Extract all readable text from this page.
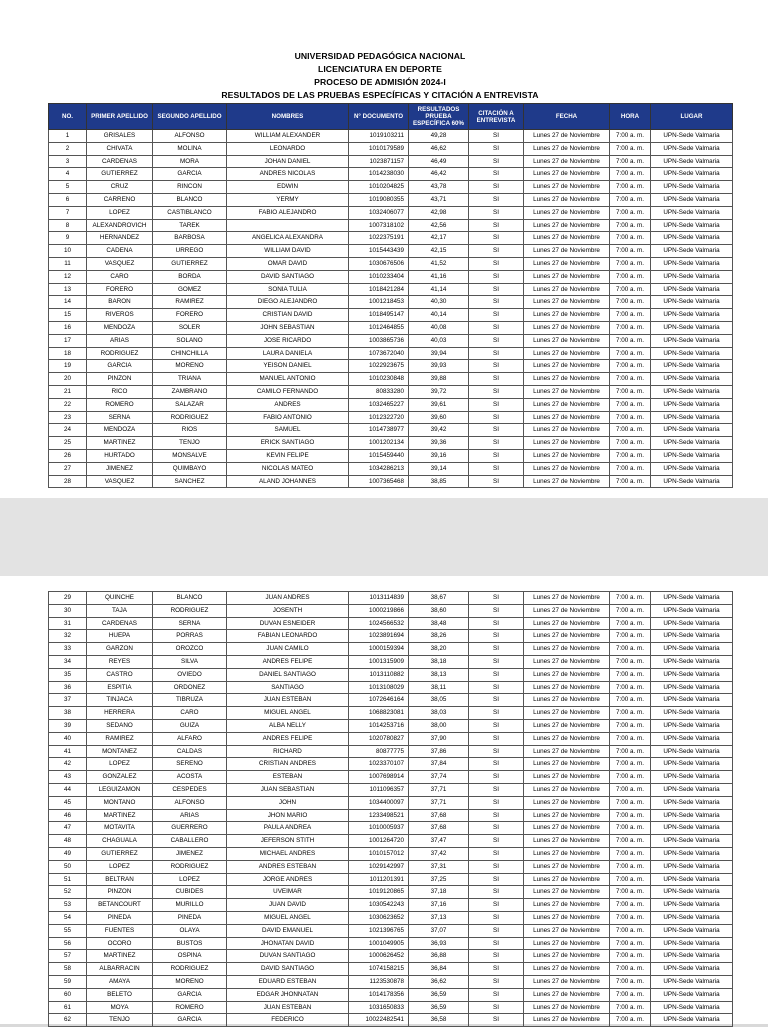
UNIVERSIDAD PEDAGÓGICA NACIONAL
LICENCIATURA EN DEPORTE
PROCESO DE ADMISIÓN 2024-I
RESULTADOS DE LAS PRUEBAS ESPECÍFICAS Y CITACIÓN A ENTREVISTA
NO.	PRIMER APELLIDO	SEGUNDO APELLIDO	NOMBRES	N° DOCUMENTO	RESULTADOS PRUEBA ESPECÍFICA 60%	CITACIÓN A ENTREVISTA	FECHA	HORA	LUGAR
1	GRISALES	ALFONSO	WILLIAM ALEXANDER	1019103211	49,28	SI	Lunes 27 de Noviembre	7:00 a. m.	UPN-Sede Valmaria
2	CHIVATA	MOLINA	LEONARDO	1010179589	46,62	SI	Lunes 27 de Noviembre	7:00 a. m.	UPN-Sede Valmaria
3	CARDENAS	MORA	JOHAN DANIEL	1023871157	46,49	SI	Lunes 27 de Noviembre	7:00 a. m.	UPN-Sede Valmaria
4	GUTIERREZ	GARCIA	ANDRES NICOLAS	1014238030	46,42	SI	Lunes 27 de Noviembre	7:00 a. m.	UPN-Sede Valmaria
5	CRUZ	RINCON	EDWIN	1010204825	43,78	SI	Lunes 27 de Noviembre	7:00 a. m.	UPN-Sede Valmaria
6	CARRENO	BLANCO	YERMY	1019080355	43,71	SI	Lunes 27 de Noviembre	7:00 a. m.	UPN-Sede Valmaria
7	LOPEZ	CASTIBLANCO	FABIO ALEJANDRO	1032406077	42,98	SI	Lunes 27 de Noviembre	7:00 a. m.	UPN-Sede Valmaria
8	ALEXANDROVICH	TAREK		1007318102	42,56	SI	Lunes 27 de Noviembre	7:00 a. m.	UPN-Sede Valmaria
9	HERNANDEZ	BARBOSA	ANGELICA ALEXANDRA	1022375191	42,17	SI	Lunes 27 de Noviembre	7:00 a. m.	UPN-Sede Valmaria
10	CADENA	URREGO	WILLIAM DAVID	1015443439	42,15	SI	Lunes 27 de Noviembre	7:00 a. m.	UPN-Sede Valmaria
11	VASQUEZ	GUTIERREZ	OMAR DAVID	1030676506	41,52	SI	Lunes 27 de Noviembre	7:00 a. m.	UPN-Sede Valmaria
12	CARO	BORDA	DAVID SANTIAGO	1010233404	41,16	SI	Lunes 27 de Noviembre	7:00 a. m.	UPN-Sede Valmaria
13	FORERO	GOMEZ	SONIA TULIA	1018421284	41,14	SI	Lunes 27 de Noviembre	7:00 a. m.	UPN-Sede Valmaria
14	BARON	RAMIREZ	DIEGO ALEJANDRO	1001218453	40,30	SI	Lunes 27 de Noviembre	7:00 a. m.	UPN-Sede Valmaria
15	RIVEROS	FORERO	CRISTIAN DAVID	1018495147	40,14	SI	Lunes 27 de Noviembre	7:00 a. m.	UPN-Sede Valmaria
16	MENDOZA	SOLER	JOHN SEBASTIAN	1012464855	40,08	SI	Lunes 27 de Noviembre	7:00 a. m.	UPN-Sede Valmaria
17	ARIAS	SOLANO	JOSE RICARDO	1003865736	40,03	SI	Lunes 27 de Noviembre	7:00 a. m.	UPN-Sede Valmaria
18	RODRIGUEZ	CHINCHILLA	LAURA DANIELA	1073672040	39,94	SI	Lunes 27 de Noviembre	7:00 a. m.	UPN-Sede Valmaria
19	GARCIA	MORENO	YEISON DANIEL	1022923675	39,93	SI	Lunes 27 de Noviembre	7:00 a. m.	UPN-Sede Valmaria
20	PINZON	TRIANA	MANUEL ANTONIO	1010230848	39,88	SI	Lunes 27 de Noviembre	7:00 a. m.	UPN-Sede Valmaria
21	RICO	ZAMBRANO	CAMILO FERNANDO	80833280	39,72	SI	Lunes 27 de Noviembre	7:00 a. m.	UPN-Sede Valmaria
22	ROMERO	SALAZAR	ANDRES	1032465227	39,61	SI	Lunes 27 de Noviembre	7:00 a. m.	UPN-Sede Valmaria
23	SERNA	RODRIGUEZ	FABIO ANTONIO	1012322720	39,60	SI	Lunes 27 de Noviembre	7:00 a. m.	UPN-Sede Valmaria
24	MENDOZA	RIOS	SAMUEL	1014738977	39,42	SI	Lunes 27 de Noviembre	7:00 a. m.	UPN-Sede Valmaria
25	MARTINEZ	TENJO	ERICK SANTIAGO	1001202134	39,36	SI	Lunes 27 de Noviembre	7:00 a. m.	UPN-Sede Valmaria
26	HURTADO	MONSALVE	KEVIN FELIPE	1015459440	39,16	SI	Lunes 27 de Noviembre	7:00 a. m.	UPN-Sede Valmaria
27	JIMENEZ	QUIMBAYO	NICOLAS MATEO	1034286213	39,14	SI	Lunes 27 de Noviembre	7:00 a. m.	UPN-Sede Valmaria
28	VASQUEZ	SANCHEZ	ALAND JOHANNES	1007365468	38,85	SI	Lunes 27 de Noviembre	7:00 a. m.	UPN-Sede Valmaria
29	QUINCHE	BLANCO	JUAN ANDRES	1013114839	38,67	SI	Lunes 27 de Noviembre	7:00 a. m.	UPN-Sede Valmaria
30	TAJA	RODRIGUEZ	JOSENTH	1000219866	38,60	SI	Lunes 27 de Noviembre	7:00 a. m.	UPN-Sede Valmaria
31	CARDENAS	SERNA	DUVAN ESNEIDER	1024566532	38,48	SI	Lunes 27 de Noviembre	7:00 a. m.	UPN-Sede Valmaria
32	HUEPA	PORRAS	FABIAN LEONARDO	1023891694	38,26	SI	Lunes 27 de Noviembre	7:00 a. m.	UPN-Sede Valmaria
33	GARZON	OROZCO	JUAN CAMILO	1000159394	38,20	SI	Lunes 27 de Noviembre	7:00 a. m.	UPN-Sede Valmaria
34	REYES	SILVA	ANDRES FELIPE	1001315909	38,18	SI	Lunes 27 de Noviembre	7:00 a. m.	UPN-Sede Valmaria
35	CASTRO	OVIEDO	DANIEL SANTIAGO	1013110882	38,13	SI	Lunes 27 de Noviembre	7:00 a. m.	UPN-Sede Valmaria
36	ESPITIA	ORDONEZ	SANTIAGO	1013108029	38,11	SI	Lunes 27 de Noviembre	7:00 a. m.	UPN-Sede Valmaria
37	TINJACA	TIBRUZA	JUAN ESTEBAN	1072646164	38,05	SI	Lunes 27 de Noviembre	7:00 a. m.	UPN-Sede Valmaria
38	HERRERA	CARO	MIGUEL ANGEL	1068823081	38,03	SI	Lunes 27 de Noviembre	7:00 a. m.	UPN-Sede Valmaria
39	SEDANO	GUIZA	ALBA NELLY	1014253716	38,00	SI	Lunes 27 de Noviembre	7:00 a. m.	UPN-Sede Valmaria
40	RAMIREZ	ALFARO	ANDRES FELIPE	1020780827	37,90	SI	Lunes 27 de Noviembre	7:00 a. m.	UPN-Sede Valmaria
41	MONTANEZ	CALDAS	RICHARD	80877775	37,86	SI	Lunes 27 de Noviembre	7:00 a. m.	UPN-Sede Valmaria
42	LOPEZ	SERENO	CRISTIAN ANDRES	1023370107	37,84	SI	Lunes 27 de Noviembre	7:00 a. m.	UPN-Sede Valmaria
43	GONZALEZ	ACOSTA	ESTEBAN	1007698914	37,74	SI	Lunes 27 de Noviembre	7:00 a. m.	UPN-Sede Valmaria
44	LEGUIZAMON	CESPEDES	JUAN SEBASTIAN	1011096357	37,71	SI	Lunes 27 de Noviembre	7:00 a. m.	UPN-Sede Valmaria
45	MONTANO	ALFONSO	JOHN	1034400097	37,71	SI	Lunes 27 de Noviembre	7:00 a. m.	UPN-Sede Valmaria
46	MARTINEZ	ARIAS	JHON MARIO	1233498521	37,68	SI	Lunes 27 de Noviembre	7:00 a. m.	UPN-Sede Valmaria
47	MOTAVITA	GUERRERO	PAULA ANDREA	1010005937	37,68	SI	Lunes 27 de Noviembre	7:00 a. m.	UPN-Sede Valmaria
48	CHAGUALA	CABALLERO	JEFERSON STITH	1001264720	37,47	SI	Lunes 27 de Noviembre	7:00 a. m.	UPN-Sede Valmaria
49	GUTIERREZ	JIMENEZ	MICHAEL ANDRES	1010157012	37,42	SI	Lunes 27 de Noviembre	7:00 a. m.	UPN-Sede Valmaria
50	LOPEZ	RODRIGUEZ	ANDRES ESTEBAN	1029142997	37,31	SI	Lunes 27 de Noviembre	7:00 a. m.	UPN-Sede Valmaria
51	BELTRAN	LOPEZ	JORGE ANDRES	1011201391	37,25	SI	Lunes 27 de Noviembre	7:00 a. m.	UPN-Sede Valmaria
52	PINZON	CUBIDES	UVEIMAR	1019120865	37,18	SI	Lunes 27 de Noviembre	7:00 a. m.	UPN-Sede Valmaria
53	BETANCOURT	MURILLO	JUAN DAVID	1030542243	37,16	SI	Lunes 27 de Noviembre	7:00 a. m.	UPN-Sede Valmaria
54	PINEDA	PINEDA	MIGUEL ANGEL	1030623652	37,13	SI	Lunes 27 de Noviembre	7:00 a. m.	UPN-Sede Valmaria
55	FUENTES	OLAYA	DAVID EMANUEL	1021396765	37,07	SI	Lunes 27 de Noviembre	7:00 a. m.	UPN-Sede Valmaria
56	OCORO	BUSTOS	JHONATAN DAVID	1001049905	36,93	SI	Lunes 27 de Noviembre	7:00 a. m.	UPN-Sede Valmaria
57	MARTINEZ	OSPINA	DUVAN SANTIAGO	1000626452	36,88	SI	Lunes 27 de Noviembre	7:00 a. m.	UPN-Sede Valmaria
58	ALBARRACIN	RODRIGUEZ	DAVID SANTIAGO	1074158215	36,84	SI	Lunes 27 de Noviembre	7:00 a. m.	UPN-Sede Valmaria
59	AMAYA	MORENO	EDUARD ESTEBAN	1123530878	36,62	SI	Lunes 27 de Noviembre	7:00 a. m.	UPN-Sede Valmaria
60	BELETO	GARCIA	EDGAR JHONNATAN	1014178356	36,59	SI	Lunes 27 de Noviembre	7:00 a. m.	UPN-Sede Valmaria
61	MOYA	ROMERO	JUAN ESTEBAN	1031650833	36,59	SI	Lunes 27 de Noviembre	7:00 a. m.	UPN-Sede Valmaria
62	TENJO	GARCIA	FEDERICO	10022482541	36,58	SI	Lunes 27 de Noviembre	7:00 a. m.	UPN-Sede Valmaria
